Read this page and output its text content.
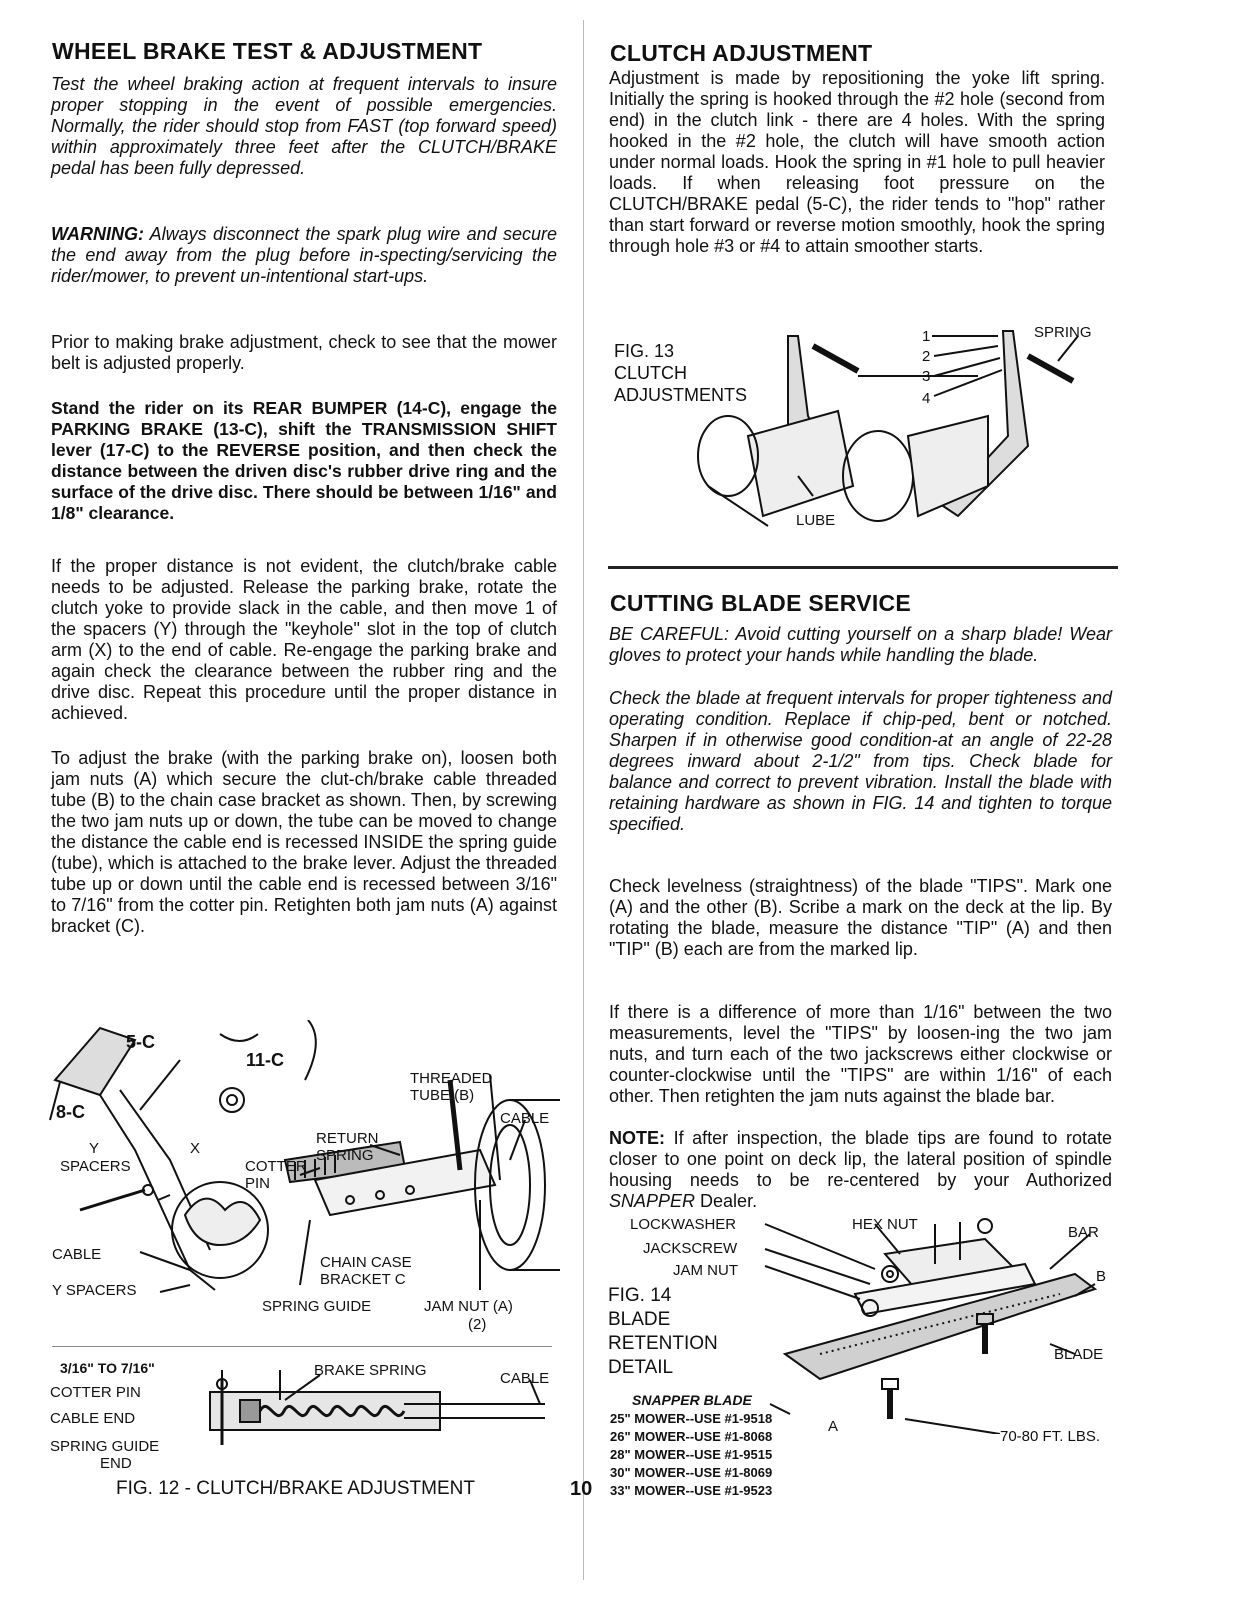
WHEEL BRAKE TEST & ADJUSTMENT

Test the wheel braking action at frequent intervals to insure proper stopping in the event of possible emergencies. Normally, the rider should stop from FAST (top forward speed) within approximately three feet after the CLUTCH/BRAKE pedal has been fully depressed.

WARNING: Always disconnect the spark plug wire and secure the end away from the plug before in-specting/servicing the rider/mower, to prevent un-intentional start-ups.

Prior to making brake adjustment, check to see that the mower belt is adjusted properly.

Stand the rider on its REAR BUMPER (14-C), engage the PARKING BRAKE (13-C), shift the TRANSMISSION SHIFT lever (17-C) to the REVERSE position, and then check the distance between the driven disc's rubber drive ring and the surface of the drive disc. There should be between 1/16" and 1/8" clearance.

If the proper distance is not evident, the clutch/brake cable needs to be adjusted. Release the parking brake, rotate the clutch yoke to provide slack in the cable, and then move 1 of the spacers (Y) through the "keyhole" slot in the top of clutch arm (X) to the end of cable. Re-engage the parking brake and again check the clearance between the rubber ring and the drive disc. Repeat this procedure until the proper distance in achieved.

To adjust the brake (with the parking brake on), loosen both jam nuts (A) which secure the clut-ch/brake cable threaded tube (B) to the chain case bracket as shown. Then, by screwing the two jam nuts up or down, the tube can be moved to change the distance the cable end is recessed INSIDE the spring guide (tube), which is attached to the brake lever. Adjust the threaded tube up or down until the cable end is recessed between 3/16" to 7/16" from the cotter pin. Retighten both jam nuts (A) against bracket (C).

5-C
11-C
8-C
Y	X
SPACERS	COTTER
PIN
RETURN
SPRING
THREADED
TUBE (B)
CABLE
CABLE
Y SPACERS
CHAIN CASE
BRACKET C
SPRING GUIDE	JAM NUT (A)
(2)
3/16" TO 7/16"	BRAKE SPRING	CABLE
COTTER PIN
CABLE END
SPRING GUIDE
END
FIG. 12 - CLUTCH/BRAKE ADJUSTMENT	10
CLUTCH ADJUSTMENT

Adjustment is made by repositioning the yoke lift spring. Initially the spring is hooked through the #2 hole (second from end) in the clutch link - there are 4 holes. With the spring hooked in the #2 hole, the clutch will have smooth action under normal loads. Hook the spring in #1 hole to pull heavier loads. If when releasing foot pressure on the CLUTCH/BRAKE pedal (5-C), the rider tends to "hop" rather than start forward or reverse motion smoothly, hook the spring through hole #3 or #4 to attain smoother starts.

FIG. 13
CLUTCH
ADJUSTMENTS
1
2
3
4
SPRING
LUBE
CUTTING BLADE SERVICE

BE CAREFUL: Avoid cutting yourself on a sharp blade! Wear gloves to protect your hands while handling the blade.

Check the blade at frequent intervals for proper tighteness and operating condition. Replace if chip-ped, bent or notched. Sharpen if in otherwise good condition-at an angle of 22-28 degrees inward about 2-1/2" from tips. Check blade for balance and correct to prevent vibration. Install the blade with retaining hardware as shown in FIG. 14 and tighten to torque specified.

Check levelness (straightness) of the blade "TIPS". Mark one (A) and the other (B). Scribe a mark on the deck at the lip. By rotating the blade, measure the distance "TIP" (A) and then "TIP" (B) each are from the marked lip.

If there is a difference of more than 1/16" between the two measurements, level the "TIPS" by loosen-ing the two jam nuts, and turn each of the two jackscrews either clockwise or counter-clockwise until the "TIPS" are within 1/16" of each other. Then retighten the jam nuts against the blade bar.

NOTE: If after inspection, the blade tips are found to rotate closer to one point on deck lip, the lateral position of spindle housing needs to be re-centered by your Authorized SNAPPER Dealer.

LOCKWASHER
JACKSCREW
JAM NUT
HEX NUT	BAR
B
BLADE
A
FIG. 14
BLADE
RETENTION
DETAIL
SNAPPER BLADE
25" MOWER--USE #1-9518
26" MOWER--USE #1-8068
28" MOWER--USE #1-9515
30" MOWER--USE #1-8069
33" MOWER--USE #1-9523
70-80 FT. LBS.
